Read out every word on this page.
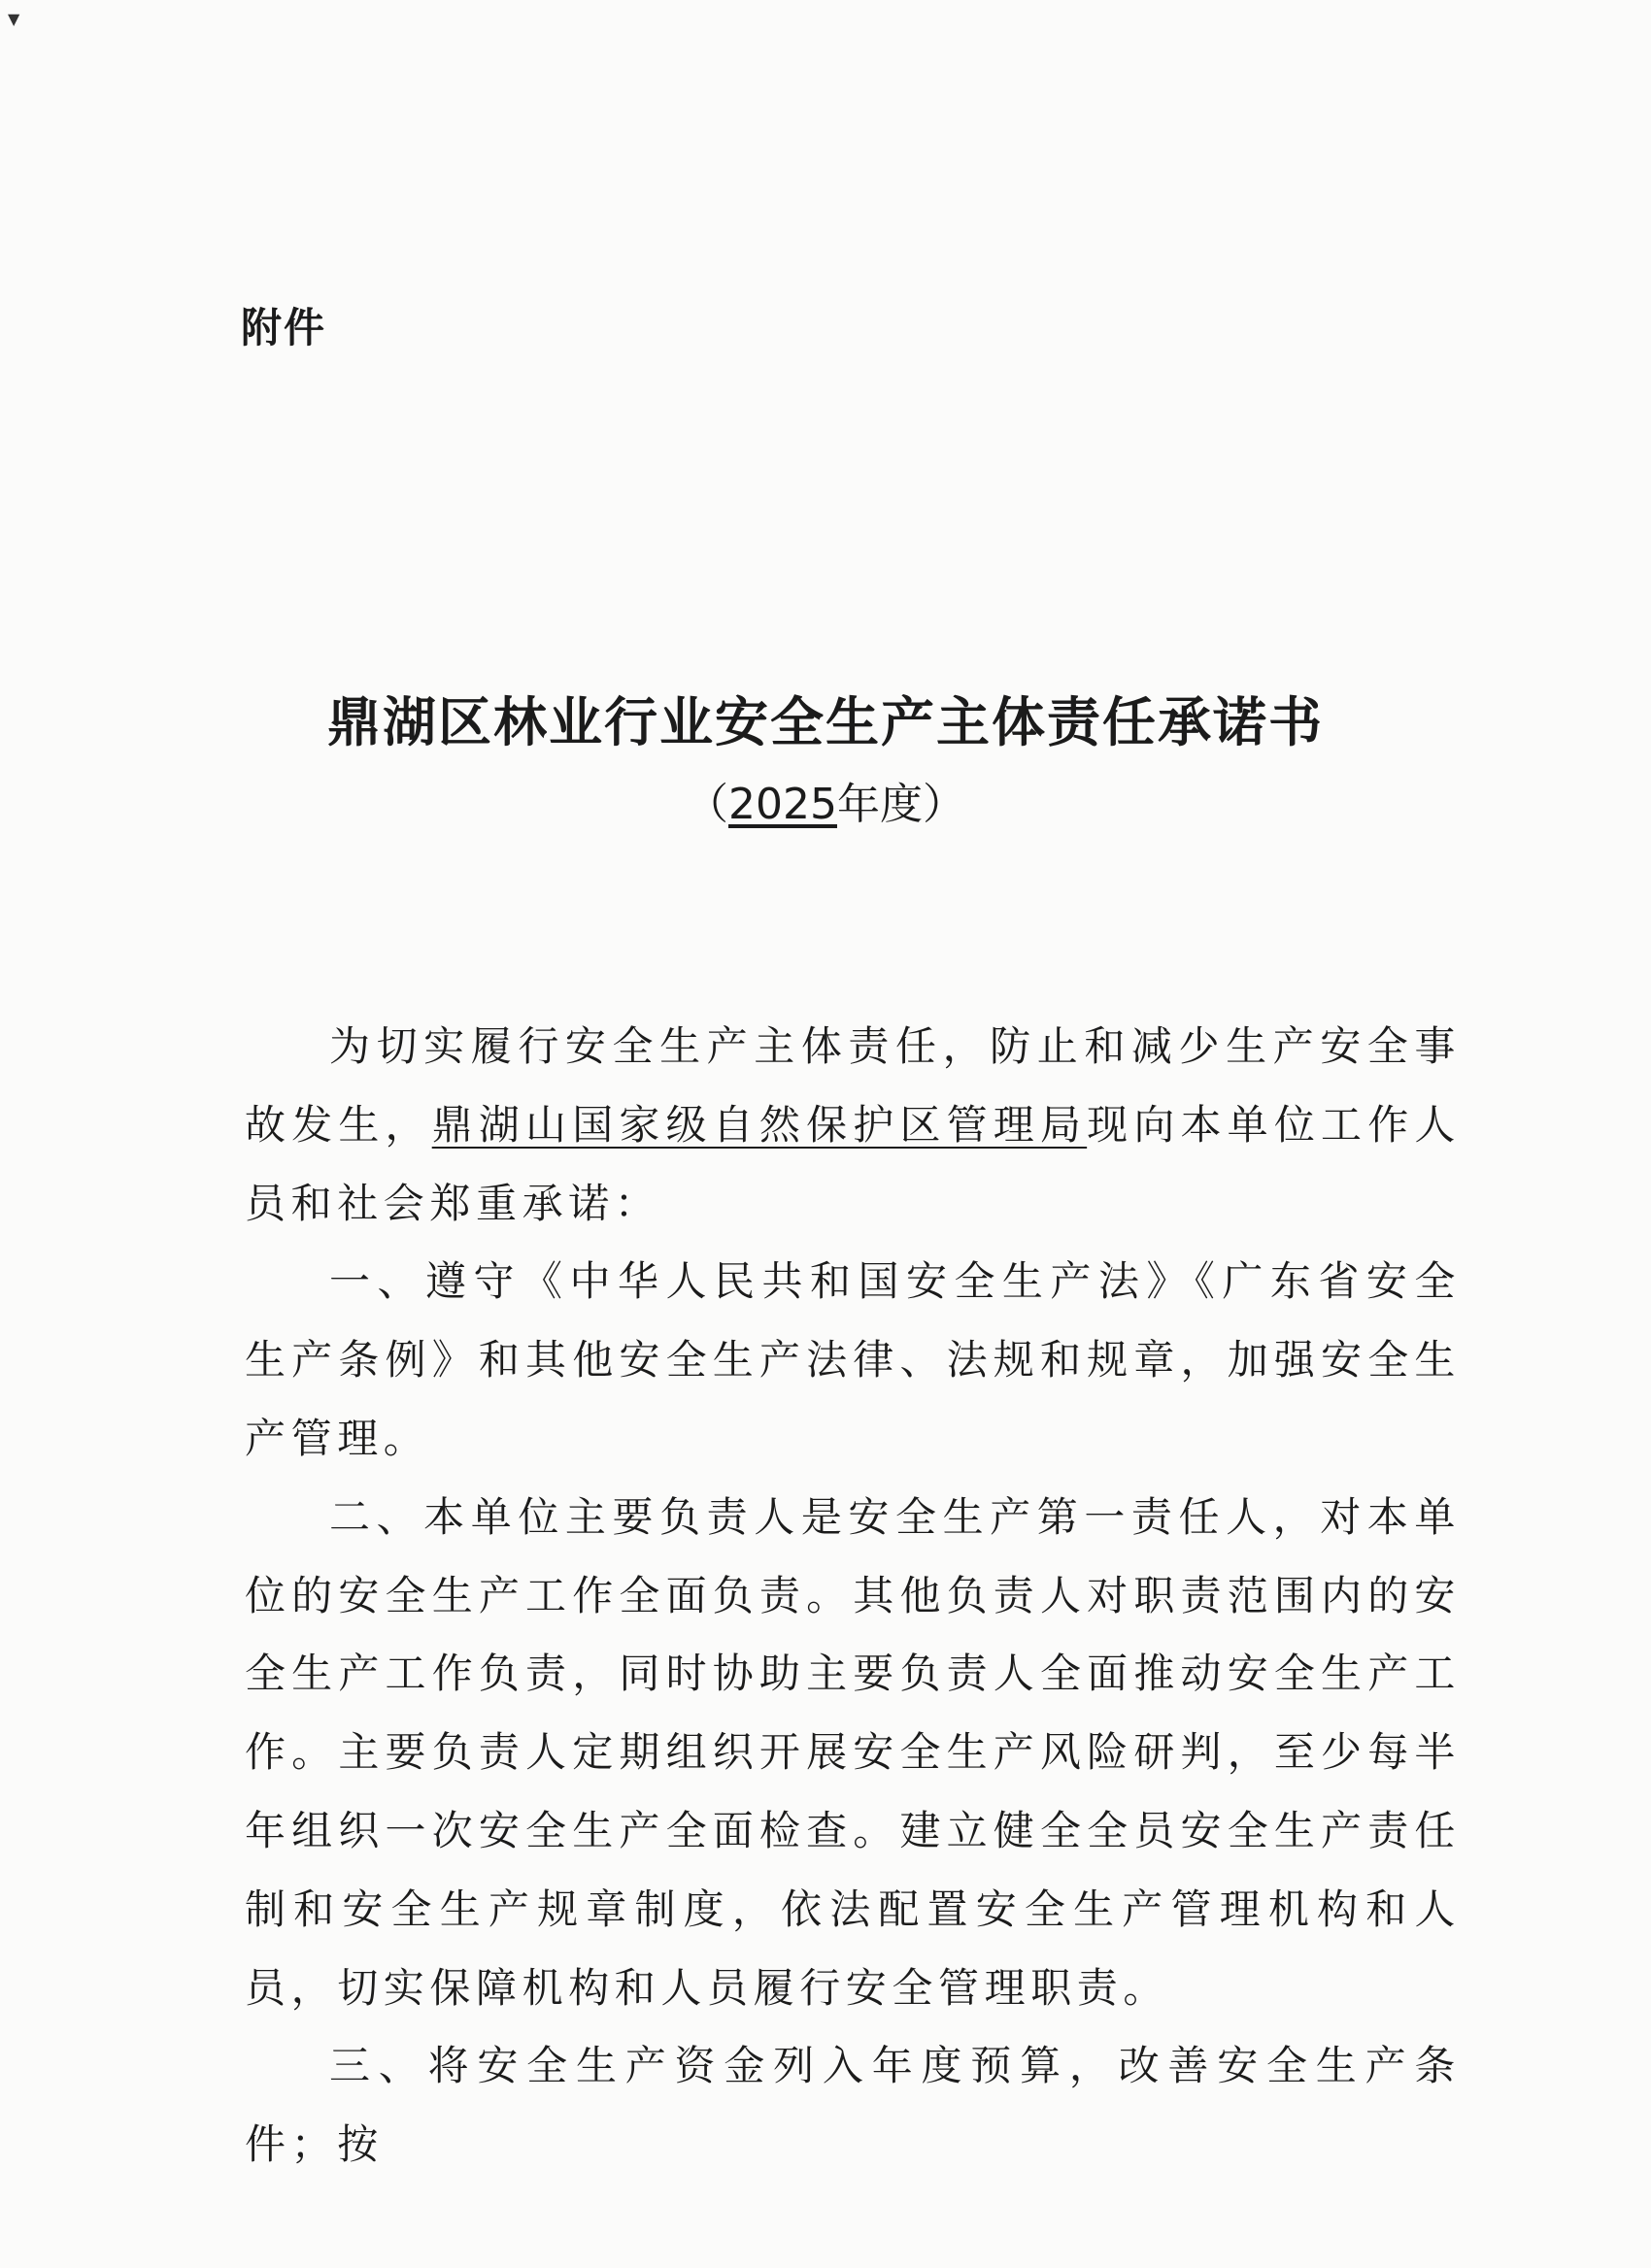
▼
附件
鼎湖区林业行业安全生产主体责任承诺书
（2025年度）

为切实履行安全生产主体责任，防止和减少生产安全事故发生，鼎湖山国家级自然保护区管理局现向本单位工作人员和社会郑重承诺：

一、遵守《中华人民共和国安全生产法》《广东省安全生产条例》和其他安全生产法律、法规和规章，加强安全生产管理。

二、本单位主要负责人是安全生产第一责任人，对本单位的安全生产工作全面负责。其他负责人对职责范围内的安全生产工作负责，同时协助主要负责人全面推动安全生产工作。主要负责人定期组织开展安全生产风险研判，至少每半年组织一次安全生产全面检查。建立健全全员安全生产责任制和安全生产规章制度，依法配置安全生产管理机构和人员，切实保障机构和人员履行安全管理职责。

三、将安全生产资金列入年度预算，改善安全生产条件；按
